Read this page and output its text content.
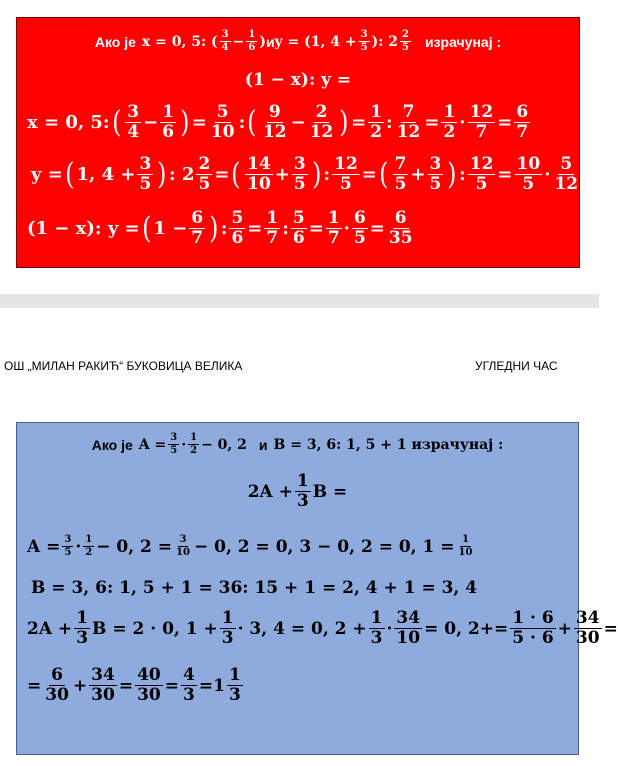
Ако је x = 0, 5: ( $\frac{3}{4} - \frac{1}{6}$ ) и y = (1, $4 + \frac{3}{5}$ ): $2 \frac{2}{5}$ израчунај :
(1 − x): y =
x = 0, 5: ( $\frac{3}{4} - \frac{1}{6}$ ) = $\frac{5}{10}$ : ( $\frac{9}{12} - \frac{2}{12}$ ) = $\frac{1}{2}$ : $\frac{7}{12} = \frac{1}{2} \cdot \frac{12}{7} = \frac{6}{7}$
y = ( 1, $4 + \frac{3}{5}$ ) : $2 \frac{2}{5}$ = ( $\frac{14}{10} + \frac{3}{5}$ ) : $\frac{12}{5}$ = ( $\frac{7}{5} + \frac{3}{5}$ ) : $\frac{12}{5} = \frac{10}{5} \cdot \frac{5}{12} = \frac{5}{6}$
(1 − x): y = ( $1 - \frac{6}{7}$ ) : $\frac{5}{6} = \frac{1}{7}$ : $\frac{5}{6} = \frac{1}{7} \cdot \frac{6}{5} = \frac{6}{35}$
ОШ „МИЛАН РАКИЋ“ БУКОВИЦА ВЕЛИКА	УГЛЕДНИ ЧАС
Ако је $A = \frac{3}{5} \cdot \frac{1}{2} - 0$, 2 и B = 3, 6: 1, 5 + 1 израчунај :
$2A + \frac{1}{3}$ B =
$A = \frac{3}{5} \cdot \frac{1}{2} - 0$, $2 = \frac{3}{10} - 0$, 2 = 0, 3 − 0, 2 = 0, $1 = \frac{1}{10}$
B = 3, 6: 1, 5 + 1 = 36: 15 + 1 = 2, 4 + 1 = 3, 4
$2A + \frac{1}{3}$ B = 2 · 0, $1 + \frac{1}{3} \cdot 3$, 4 = 0, $2 + \frac{1}{3} \cdot \frac{34}{10} = 0$, $2+= \frac{1 \cdot 6}{5 \cdot 6} + \frac{34}{30}$ =
= $\frac{6}{30} + \frac{34}{30} = \frac{40}{30} = \frac{4}{3} = 1 \frac{1}{3}$
